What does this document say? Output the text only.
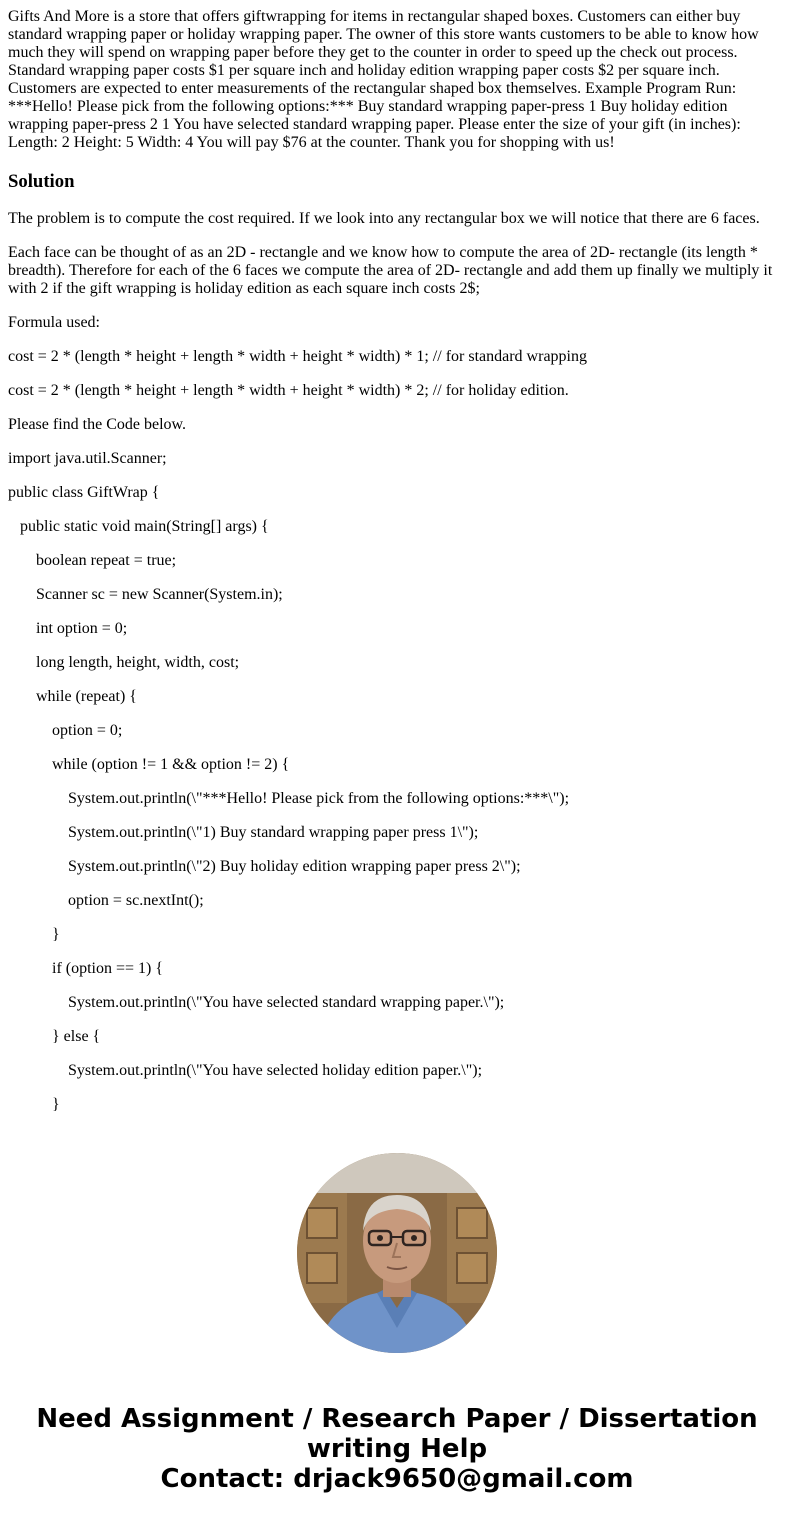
Gifts And More is a store that offers giftwrapping for items in rectangular shaped boxes. Customers can either buy standard wrapping paper or holiday wrapping paper. The owner of this store wants customers to be able to know how much they will spend on wrapping paper before they get to the counter in order to speed up the check out process. Standard wrapping paper costs $1 per square inch and holiday edition wrapping paper costs $2 per square inch. Customers are expected to enter measurements of the rectangular shaped box themselves. Example Program Run: ***Hello! Please pick from the following options:*** Buy standard wrapping paper-press 1 Buy holiday edition wrapping paper-press 2 1 You have selected standard wrapping paper. Please enter the size of your gift (in inches): Length: 2 Height: 5 Width: 4 You will pay $76 at the counter. Thank you for shopping with us!

Solution

The problem is to compute the cost required. If we look into any rectangular box we will notice that there are 6 faces.

Each face can be thought of as an 2D - rectangle and we know how to compute the area of 2D- rectangle (its length * breadth). Therefore for each of the 6 faces we compute the area of 2D- rectangle and add them up finally we multiply it with 2 if the gift wrapping is holiday edition as each square inch costs 2$;

Formula used:

cost = 2 * (length * height + length * width + height * width) * 1; // for standard wrapping

cost = 2 * (length * height + length * width + height * width) * 2; // for holiday edition.

Please find the Code below.

import java.util.Scanner;

public class GiftWrap {

public static void main(String[] args) {

boolean repeat = true;

Scanner sc = new Scanner(System.in);

int option = 0;

long length, height, width, cost;

while (repeat) {

option = 0;

while (option != 1 && option != 2) {

System.out.println(\"***Hello! Please pick from the following options:***\");

System.out.println(\"1) Buy standard wrapping paper press 1\");

System.out.println(\"2) Buy holiday edition wrapping paper press 2\");

option = sc.nextInt();

}

if (option == 1) {

System.out.println(\"You have selected standard wrapping paper.\");

} else {

System.out.println(\"You have selected holiday edition paper.\");

}

Need Assignment / Research Paper / Dissertation
writing Help
Contact: drjack9650@gmail.com
